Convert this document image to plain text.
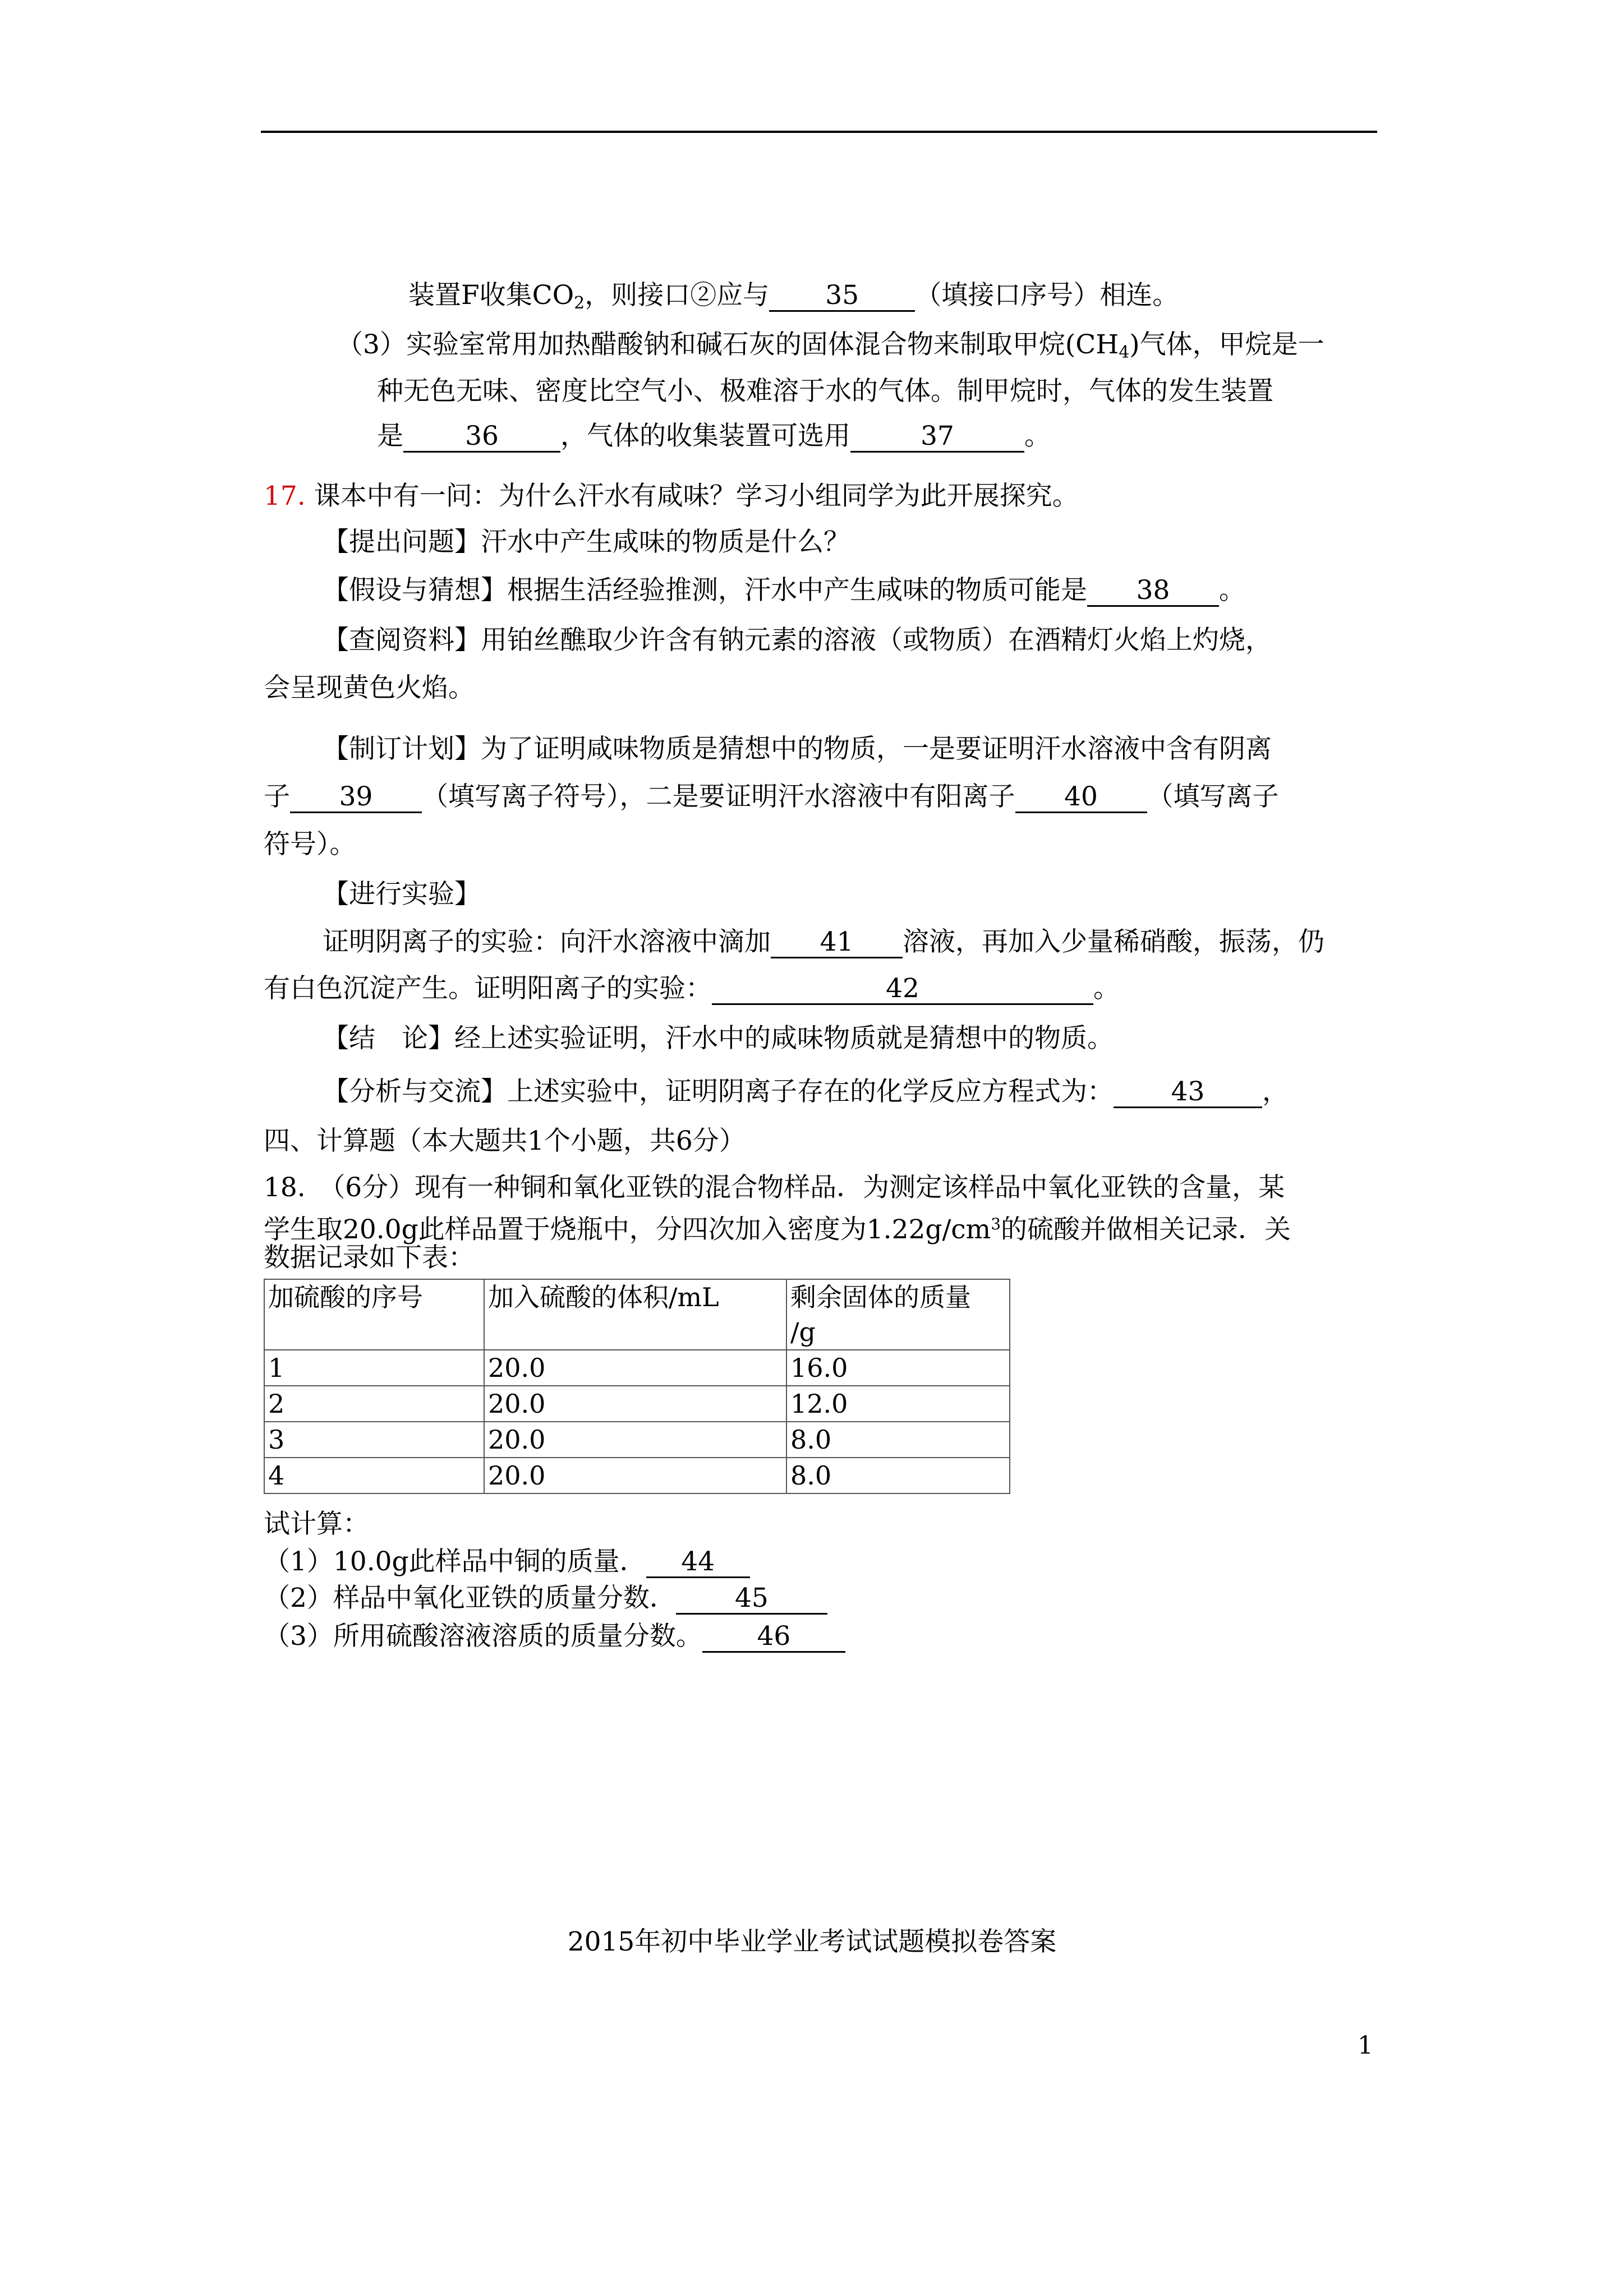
装置F收集$CO_2$，则接口②应与 35 （填接口序号）相连。
（3）实验室常用加热醋酸钠和碱石灰的固体混合物来制取甲烷$(CH_4)$气体，甲烷是一
种无色无味、密度比空气小、极难溶于水的气体。制甲烷时，气体的发生装置
是 36 ，气体的收集装置可选用	37	。
17. 课本中有一问：为什么汗水有咸味？学习小组同学为此开展探究。
【提出问题】汗水中产生咸味的物质是什么？
【假设与猜想】根据生活经验推测，汗水中产生咸味的物质可能是 38 。
【查阅资料】用铂丝醮取少许含有钠元素的溶液（或物质）在酒精灯火焰上灼烧，
会呈现黄色火焰。
【制订计划】为了证明咸味物质是猜想中的物质，一是要证明汗水溶液中含有阴离
子 39 （填写离子符号），二是要证明汗水溶液中有阳离子 40 （填写离子
符号）。
【进行实验】
证明阴离子的实验：向汗水溶液中滴加 41 溶液，再加入少量稀硝酸，振荡，仍
有白色沉淀产生。证明阳离子的实验：	42	。
【结　论】经上述实验证明，汗水中的咸味物质就是猜想中的物质。
【分析与交流】上述实验中，证明阴离子存在的化学反应方程式为： 43 ，
四、计算题（本大题共1个小题，共6分）
18.　（6分）现有一种铜和氧化亚铁的混合物样品．为测定该样品中氧化亚铁的含量，某
学生取20.0g此样品置于烧瓶中，分四次加入密度为$1.22g/cm^3$的硫酸并做相关记录．关
数据记录如下表：
加硫酸的序号	加入硫酸的体积/mL	剩余固体的质量
/g
1	20.0	16.0
2	20.0	12.0
3	20.0	8.0
4	20.0	8.0
试计算：
（1）10.0g此样品中铜的质量． 44
（2）样品中氧化亚铁的质量分数． 45
（3）所用硫酸溶液溶质的质量分数。 46
2015年初中毕业学业考试试题模拟卷答案
1
